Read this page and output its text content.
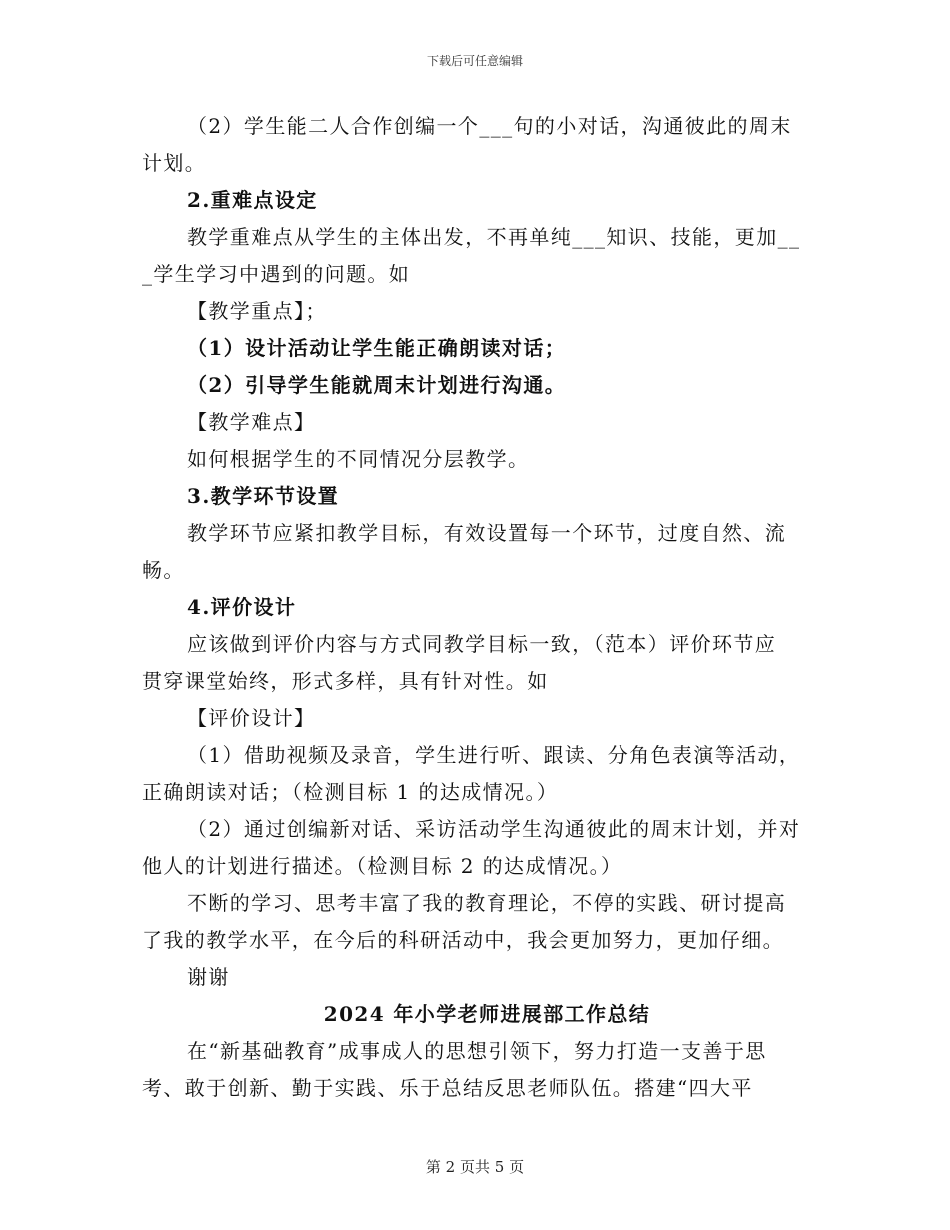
下载后可任意编辑
（2）学生能二人合作创编一个___句的小对话，沟通彼此的周末
计划。
2.重难点设定
教学重难点从学生的主体出发，不再单纯___知识、技能，更加__
_学生学习中遇到的问题。如
【教学重点】；
（1）设计活动让学生能正确朗读对话；
（2）引导学生能就周末计划进行沟通。
【教学难点】
如何根据学生的不同情况分层教学。
3.教学环节设置
教学环节应紧扣教学目标，有效设置每一个环节，过度自然、流
畅。
4.评价设计
应该做到评价内容与方式同教学目标一致，（范本）评价环节应
贯穿课堂始终，形式多样，具有针对性。如
【评价设计】
（1）借助视频及录音，学生进行听、跟读、分角色表演等活动，
正确朗读对话；（检测目标 1 的达成情况。）
（2）通过创编新对话、采访活动学生沟通彼此的周末计划，并对
他人的计划进行描述。（检测目标 2 的达成情况。）
不断的学习、思考丰富了我的教育理论，不停的实践、研讨提高
了我的教学水平，在今后的科研活动中，我会更加努力，更加仔细。
谢谢
2024 年小学老师进展部工作总结
在“新基础教育”成事成人的思想引领下，努力打造一支善于思
考、敢于创新、勤于实践、乐于总结反思老师队伍。搭建“四大平
第 2 页共 5 页
